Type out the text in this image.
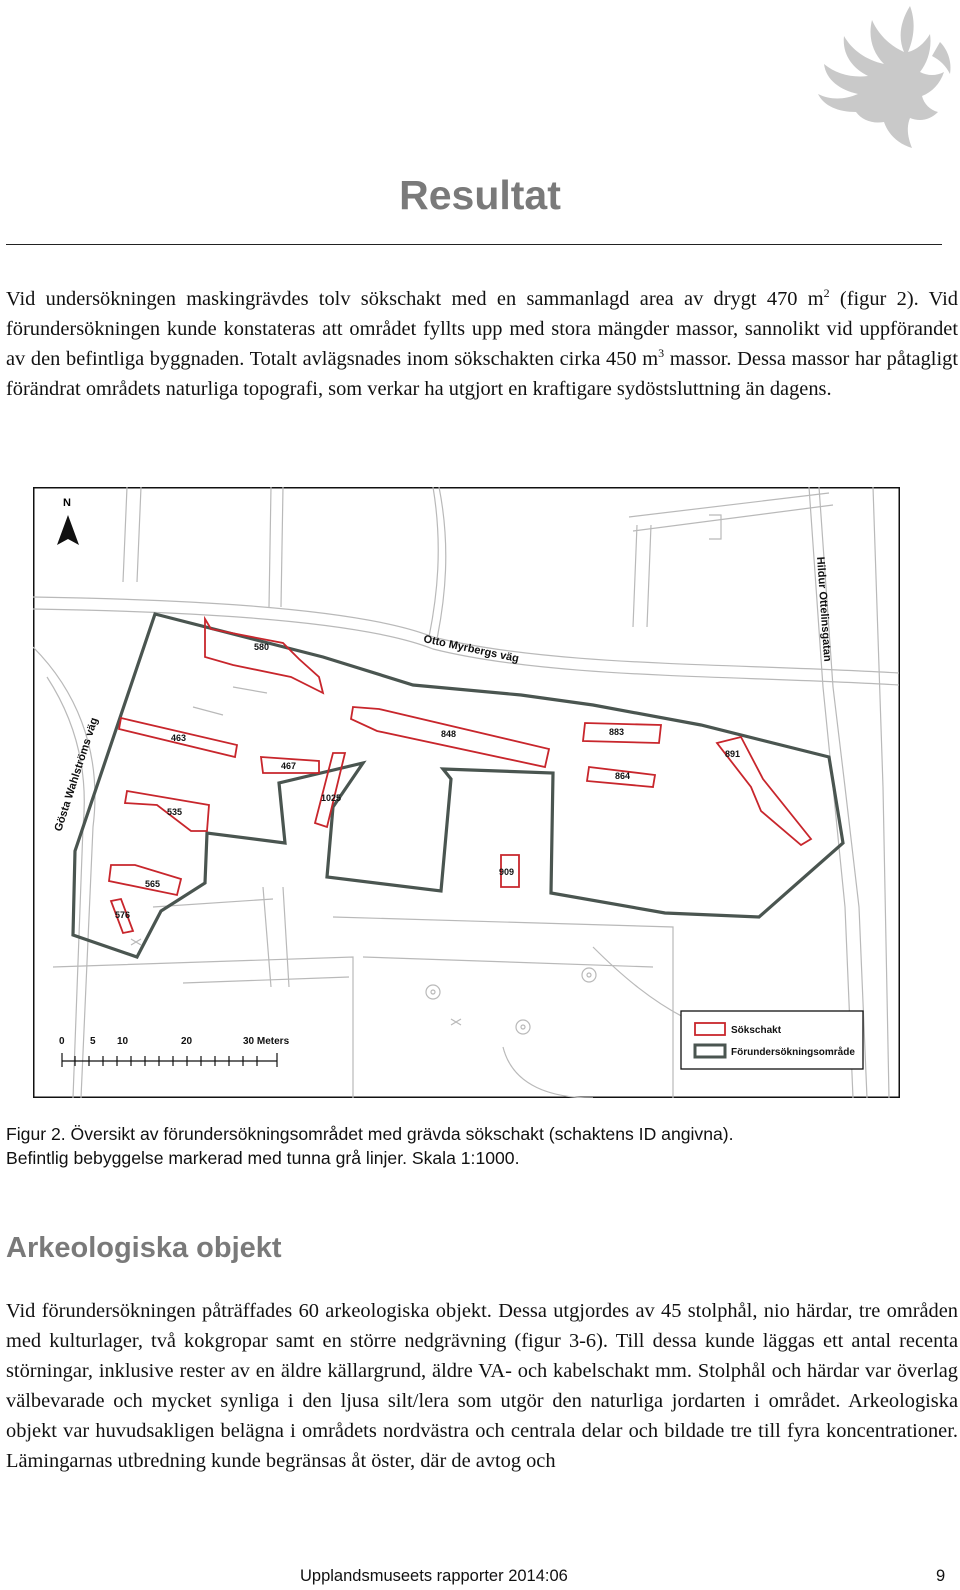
Resultat

Vid undersökningen maskingrävdes tolv sökschakt med en sammanlagd area av drygt 470 $m^2$ (figur 2). Vid förundersökningen kunde konstateras att området fyllts upp med stora mängder massor, sannolikt vid uppförandet av den befintliga byggnaden. Totalt avlägsnades inom sökschakten cirka 450 $m^3$ massor. Dessa massor har påtagligt förändrat områdets naturliga topografi, som verkar ha utgjort en kraftigare sydöstsluttning än dagens.

580
463
467
1025
848	883
864
891
535
565
576
909
Otto Myrbergs väg	Hildur Ottelinsgatan
Gösta Wahlströms väg
N
0	5 10	20	30 Meters
Sökschakt
Förundersökningsområde

Figur 2. Översikt av förundersökningsområdet med grävda sökschakt (schaktens ID angivna).
Befintlig bebyggelse markerad med tunna grå linjer. Skala 1:1000.

Arkeologiska objekt

Vid förundersökningen påträffades 60 arkeologiska objekt. Dessa utgjordes av 45 stolphål, nio härdar, tre områden med kulturlager, två kokgropar samt en större nedgrävning (figur 3-6). Till dessa kunde läggas ett antal recenta störningar, inklusive rester av en äldre källargrund, äldre VA- och kabelschakt mm. Stolphål och härdar var överlag välbevarade och mycket synliga i den ljusa silt/lera som utgör den naturliga jordarten i området. Arkeologiska objekt var huvudsakligen belägna i områdets nordvästra och centrala delar och bildade tre till fyra koncentrationer. Lämingarnas utbredning kunde begränsas åt öster, där de avtog och

Upplandsmuseets rapporter 2014:06	9
